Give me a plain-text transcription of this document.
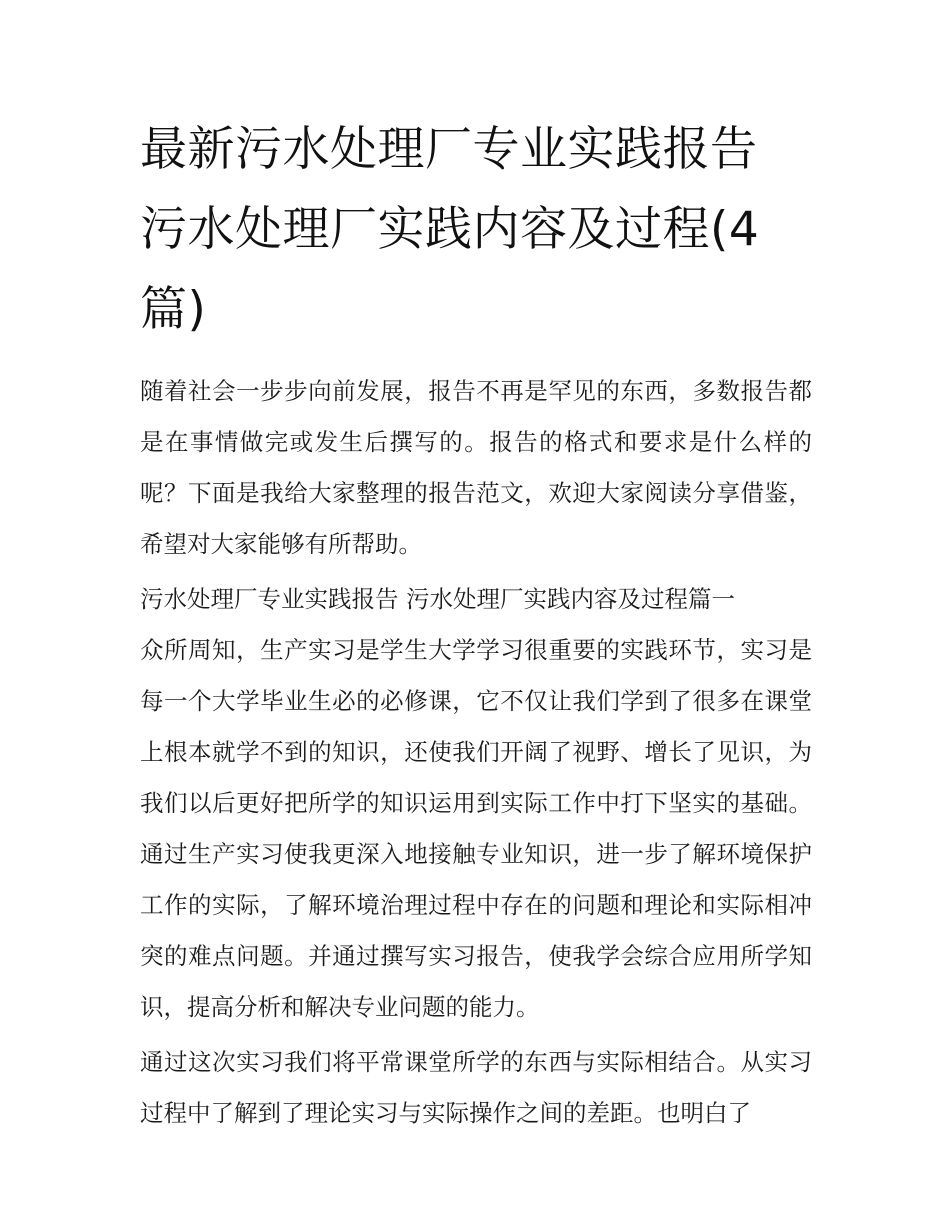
最新污水处理厂专业实践报告 污水处理厂实践内容及过程(4篇)

随着社会一步步向前发展，报告不再是罕见的东西，多数报告都是在事情做完或发生后撰写的。报告的格式和要求是什么样的呢？下面是我给大家整理的报告范文，欢迎大家阅读分享借鉴，希望对大家能够有所帮助。

污水处理厂专业实践报告 污水处理厂实践内容及过程篇一

众所周知，生产实习是学生大学学习很重要的实践环节，实习是每一个大学毕业生必的必修课，它不仅让我们学到了很多在课堂上根本就学不到的知识，还使我们开阔了视野、增长了见识，为我们以后更好把所学的知识运用到实际工作中打下坚实的基础。通过生产实习使我更深入地接触专业知识，进一步了解环境保护工作的实际，了解环境治理过程中存在的问题和理论和实际相冲突的难点问题。并通过撰写实习报告，使我学会综合应用所学知识，提高分析和解决专业问题的能力。

通过这次实习我们将平常课堂所学的东西与实际相结合。从实习过程中了解到了理论实习与实际操作之间的差距。也明白了
